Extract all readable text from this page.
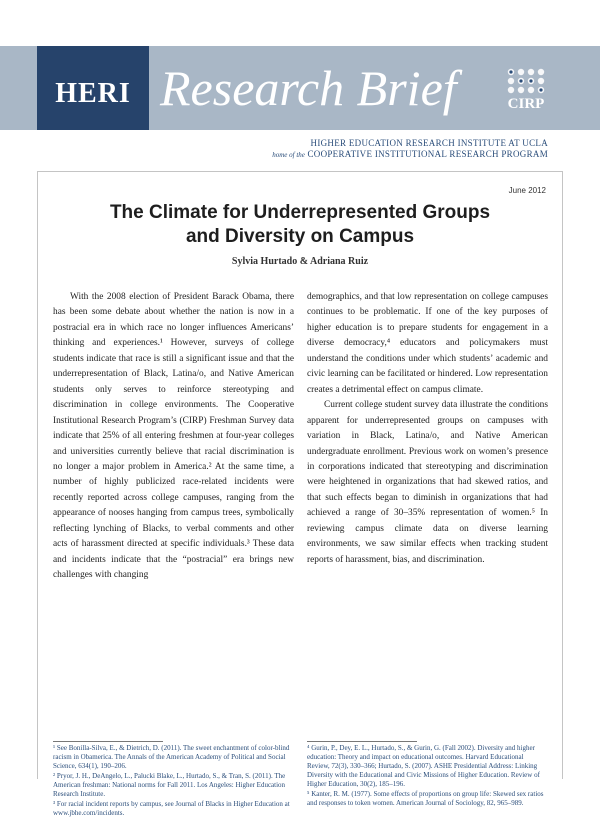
HERI Research Brief	CIRP
HIGHER EDUCATION RESEARCH INSTITUTE AT UCLA
home of the COOPERATIVE INSTITUTIONAL RESEARCH PROGRAM
June 2012
The Climate for Underrepresented Groups
and Diversity on Campus
Sylvia Hurtado & Adriana Ruiz

With the 2008 election of President Barack Obama, there has been some debate about whether the nation is now in a postracial era in which race no longer influences Americans’ thinking and experiences.¹ However, surveys of college students indicate that race is still a significant issue and that the underrepresentation of Black, Latina/o, and Native American students only serves to reinforce stereotyping and discrimination in college environments. The Cooperative Institutional Research Program’s (CIRP) Freshman Survey data indicate that 25% of all entering freshmen at four-year colleges and universities currently believe that racial discrimination is no longer a major problem in America.² At the same time, a number of highly publicized race-related incidents were recently reported across college campuses, ranging from the appearance of nooses hanging from campus trees, symbolically reflecting lynching of Blacks, to verbal comments and other acts of harassment directed at specific individuals.³ These data and incidents indicate that the “postracial” era brings new challenges with changing

demographics, and that low representation on college campuses continues to be problematic. If one of the key purposes of higher education is to prepare students for engagement in a diverse democracy,⁴ educators and policymakers must understand the conditions under which students’ academic and civic learning can be facilitated or hindered. Low representation creates a detrimental effect on campus climate.

Current college student survey data illustrate the conditions apparent for underrepresented groups on campuses with variation in Black, Latina/o, and Native American undergraduate enrollment. Previous work on women’s presence in corporations indicated that stereotyping and discrimination were heightened in organizations that had skewed ratios, and that such effects began to diminish in organizations that had achieved a range of 30–35% representation of women.⁵ In reviewing campus climate data on diverse learning environments, we saw similar effects when tracking student reports of harassment, bias, and discrimination.

¹ See Bonilla-Silva, E., & Dietrich, D. (2011). The sweet enchantment of color-blind racism in Obamerica. The Annals of the American Academy of Political and Social Science, 634(1), 190–206.

² Pryor, J. H., DeAngelo, L., Palucki Blake, L., Hurtado, S., & Tran, S. (2011). The American freshman: National norms for Fall 2011. Los Angeles: Higher Education Research Institute.

³ For racial incident reports by campus, see Journal of Blacks in Higher Education at www.jbhe.com/incidents.

⁴ Gurin, P., Dey, E. L., Hurtado, S., & Gurin, G. (Fall 2002). Diversity and higher education: Theory and impact on educational outcomes. Harvard Educational Review, 72(3), 330–366; Hurtado, S. (2007). ASHE Presidential Address: Linking Diversity with the Educational and Civic Missions of Higher Education. Review of Higher Education, 30(2), 185–196.

⁵ Kanter, R. M. (1977). Some effects of proportions on group life: Skewed sex ratios and responses to token women. American Journal of Sociology, 82, 965–989.
